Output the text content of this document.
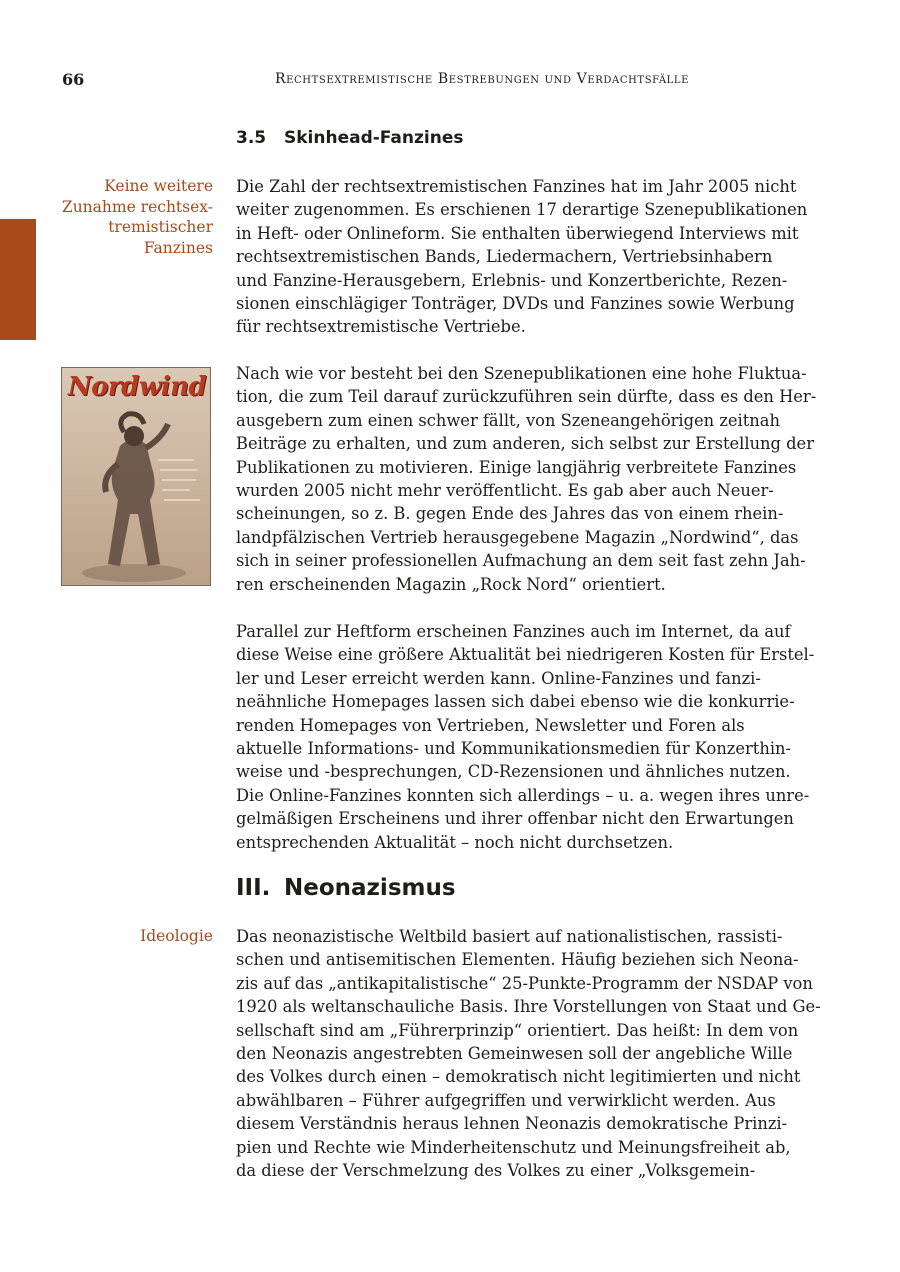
66	Rechtsextremistische Bestrebungen und Verdachtsfälle
3.5 Skinhead-Fanzines
Keine weitere
Zunahme rechtsex-
tremistischer
Fanzines
Die Zahl der rechtsextremistischen Fanzines hat im Jahr 2005 nicht
weiter zugenommen. Es erschienen 17 derartige Szenepublikationen
in Heft- oder Onlineform. Sie enthalten überwiegend Interviews mit
rechtsextremistischen Bands, Liedermachern, Vertriebsinhabern
und Fanzine-Herausgebern, Erlebnis- und Konzertberichte, Rezen-
sionen einschlägiger Tonträger, DVDs und Fanzines sowie Werbung
für rechtsextremistische Vertriebe.
Nordwind Nach wie vor besteht bei den Szenepublikationen eine hohe Fluktua-
tion, die zum Teil darauf zurückzuführen sein dürfte, dass es den Her-
ausgebern zum einen schwer fällt, von Szeneangehörigen zeitnah
Beiträge zu erhalten, und zum anderen, sich selbst zur Erstellung der
Publikationen zu motivieren. Einige langjährig verbreitete Fanzines
wurden 2005 nicht mehr veröffentlicht. Es gab aber auch Neuer-
scheinungen, so z. B. gegen Ende des Jahres das von einem rhein-
landpfälzischen Vertrieb herausgegebene Magazin „Nordwind“, das
sich in seiner professionellen Aufmachung an dem seit fast zehn Jah-
ren erscheinenden Magazin „Rock Nord“ orientiert.
Parallel zur Heftform erscheinen Fanzines auch im Internet, da auf
diese Weise eine größere Aktualität bei niedrigeren Kosten für Erstel-
ler und Leser erreicht werden kann. Online-Fanzines und fanzi-
neähnliche Homepages lassen sich dabei ebenso wie die konkurrie-
renden Homepages von Vertrieben, Newsletter und Foren als
aktuelle Informations- und Kommunikationsmedien für Konzerthin-
weise und -besprechungen, CD-Rezensionen und ähnliches nutzen.
Die Online-Fanzines konnten sich allerdings – u. a. wegen ihres unre-
gelmäßigen Erscheinens und ihrer offenbar nicht den Erwartungen
entsprechenden Aktualität – noch nicht durchsetzen.
III. Neonazismus
Ideologie Das neonazistische Weltbild basiert auf nationalistischen, rassisti-
schen und antisemitischen Elementen. Häufig beziehen sich Neona-
zis auf das „antikapitalistische“ 25-Punkte-Programm der NSDAP von
1920 als weltanschauliche Basis. Ihre Vorstellungen von Staat und Ge-
sellschaft sind am „Führerprinzip“ orientiert. Das heißt: In dem von
den Neonazis angestrebten Gemeinwesen soll der angebliche Wille
des Volkes durch einen – demokratisch nicht legitimierten und nicht
abwählbaren – Führer aufgegriffen und verwirklicht werden. Aus
diesem Verständnis heraus lehnen Neonazis demokratische Prinzi-
pien und Rechte wie Minderheitenschutz und Meinungsfreiheit ab,
da diese der Verschmelzung des Volkes zu einer „Volksgemein-
